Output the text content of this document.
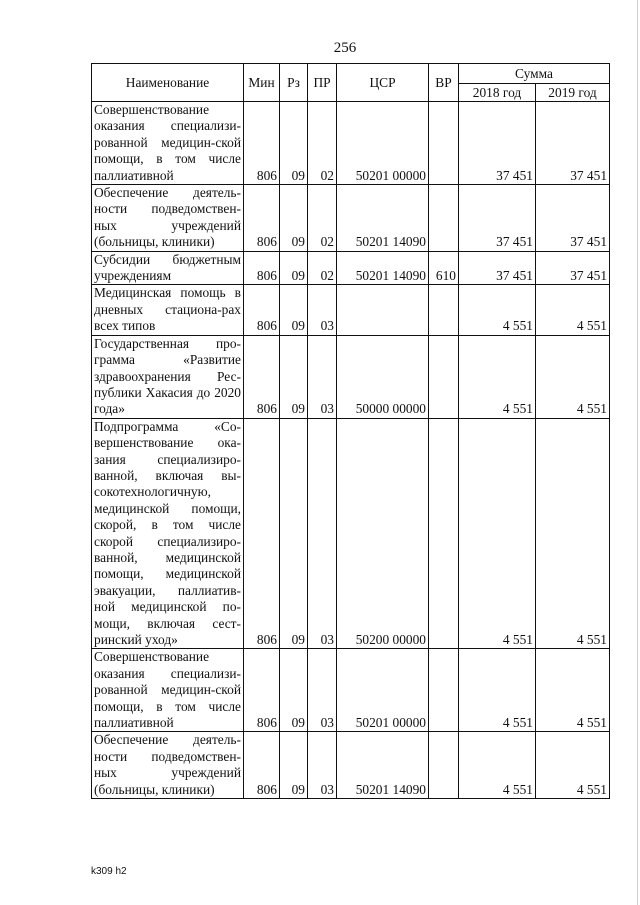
256
Наименование	Мин	Рз	ПР	ЦСР	ВР	Сумма	
						2018 год	2019 год
Совершенствование оказания специализи-рованной медицин-ской помощи, в том числе паллиативной	806	09	02	50201 00000		37 451	37 451
Обеспечение деятель-ности подведомствен-ных учреждений (больницы, клиники)	806	09	02	50201 14090		37 451	37 451
Субсидии бюджетным учреждениям	806	09	02	50201 14090	610	37 451	37 451
Медицинская помощь в дневных стациона-рах всех типов	806	09	03			4 551	4 551
Государственная про-грамма «Развитие здравоохранения Рес-публики Хакасия до 2020 года»	806	09	03	50000 00000		4 551	4 551
Подпрограмма «Со-вершенствование ока-зания специализиро-ванной, включая вы-сокотехнологичную, медицинской помощи, скорой, в том числе скорой специализиро-ванной, медицинской помощи, медицинской эвакуации, паллиатив-ной медицинской по-мощи, включая сест-ринский уход»	806	09	03	50200 00000		4 551	4 551
Совершенствование оказания специализи-рованной медицин-ской помощи, в том числе паллиативной	806	09	03	50201 00000		4 551	4 551
Обеспечение деятель-ности подведомствен-ных учреждений (больницы, клиники)	806	09	03	50201 14090		4 551	4 551
k309 h2
